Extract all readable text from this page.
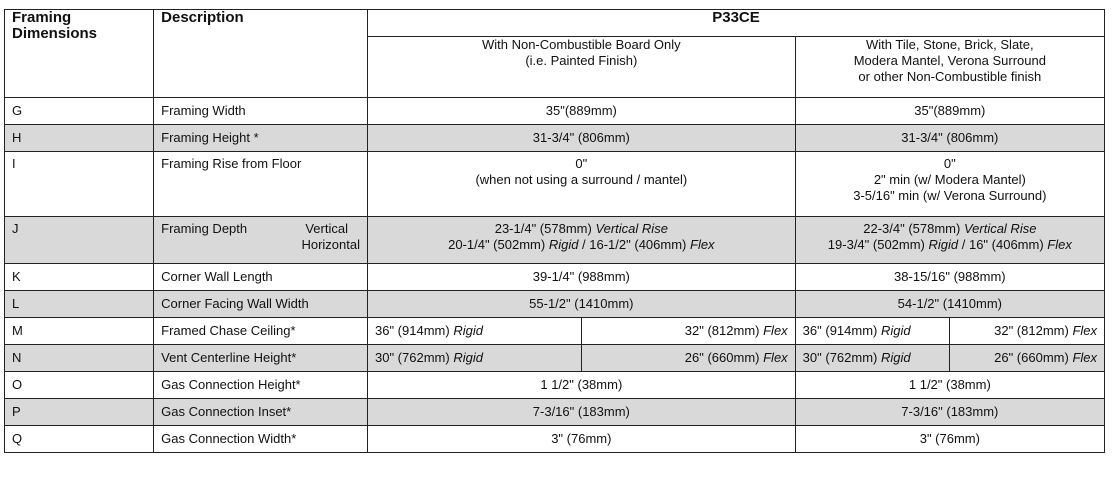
Framing
Dimensions	Description	P33CE			

		With Non-Combustible Board Only
(i.e. Painted Finish)		With Tile, Stone, Brick, Slate,
Modera Mantel, Verona Surround
or other Non-Combustible finish	

G	Framing Width	35"(889mm)		35"(889mm)	
H	Framing Height *	31-3/4" (806mm)		31-3/4" (806mm)	
I	Framing Rise from Floor	0"
(when not using a surround / mantel)		0"
2" min (w/ Modera Mantel)
3-5/16" min (w/ Verona Surround)	

J	Framing Depth Vertical
Horizontal	23-1/4" (578mm) Vertical Rise
20-1/4" (502mm) Rigid / 16-1/2" (406mm) Flex		22-3/4" (578mm) Vertical Rise
19-3/4" (502mm) Rigid / 16" (406mm) Flex	

K	Corner Wall Length	39-1/4" (988mm)		38-15/16" (988mm)	
L	Corner Facing Wall Width	55-1/2" (1410mm)		54-1/2" (1410mm)	
M	Framed Chase Ceiling*	36" (914mm) Rigid	32" (812mm) Flex	36" (914mm) Rigid	32" (812mm) Flex
N	Vent Centerline Height*	30" (762mm) Rigid	26" (660mm) Flex	30" (762mm) Rigid	26" (660mm) Flex
O	Gas Connection Height*	1 1/2" (38mm)		1 1/2" (38mm)	
P	Gas Connection Inset*	7-3/16" (183mm)		7-3/16" (183mm)	
Q	Gas Connection Width*	3" (76mm)		3" (76mm)	
